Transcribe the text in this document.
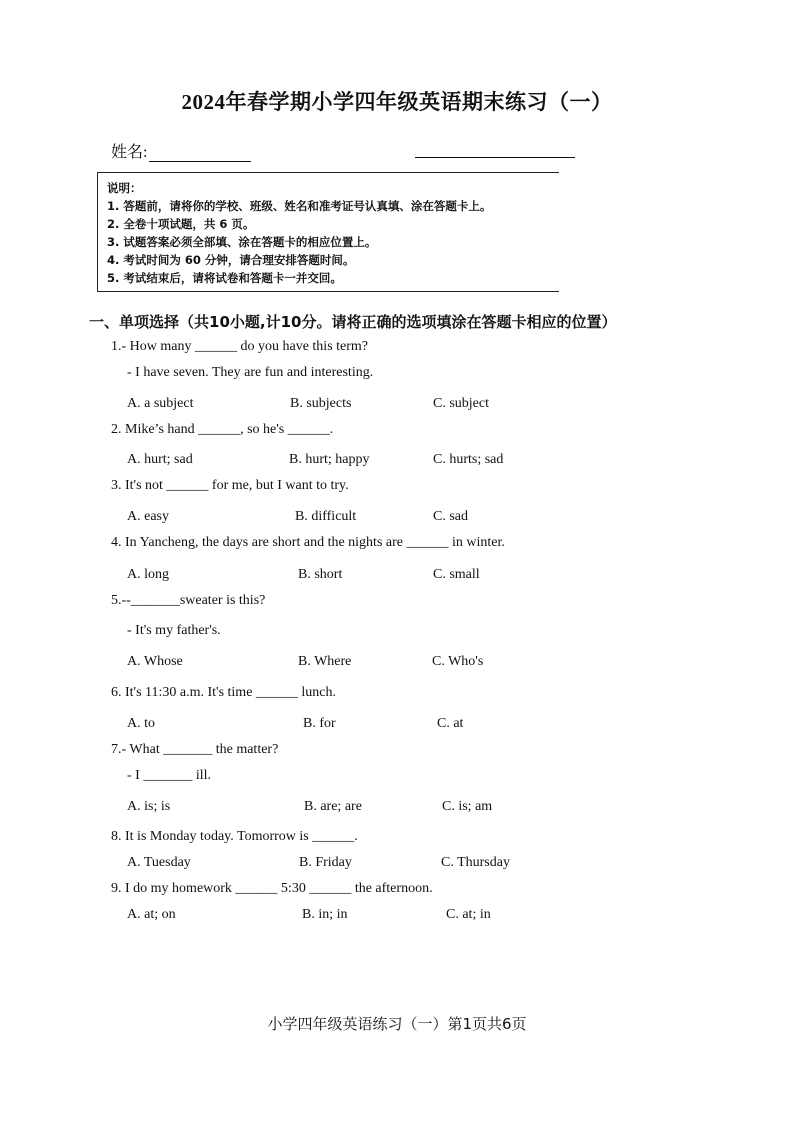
2024年春学期小学四年级英语期末练习（一）
姓名:
说明：
1. 答题前，请将你的学校、班级、姓名和准考证号认真填、涂在答题卡上。
2. 全卷十项试题，共 6 页。
3. 试题答案必须全部填、涂在答题卡的相应位置上。
4. 考试时间为 60 分钟，请合理安排答题时间。
5. 考试结束后，请将试卷和答题卡一并交回。
一、单项选择（共10小题,计10分。请将正确的选项填涂在答题卡相应的位置）
1.- How many ______ do you have this term?
- I have seven. They are fun and interesting.
A. a subject	B. subjects	C. subject
2. Mike’s hand ______, so he's ______.
A. hurt; sad	B. hurt; happy	C. hurts; sad
3. It's not ______ for me, but I want to try.
A. easy	B. difficult	C. sad
4. In Yancheng, the days are short and the nights are ______ in winter.
A. long	B. short	C. small
5.--_______sweater is this?
- It's my father's.
A. Whose	B. Where	C. Who's
6. It's 11:30 a.m. It's time ______ lunch.
A. to	B. for	C. at
7.- What _______ the matter?
- I _______ ill.
A. is; is	B. are; are	C. is; am
8. It is Monday today. Tomorrow is ______.
A. Tuesday	B. Friday	C. Thursday
9. I do my homework ______ 5:30 ______ the afternoon.
A. at; on	B. in; in	C. at; in
小学四年级英语练习（一）第1页共6页
